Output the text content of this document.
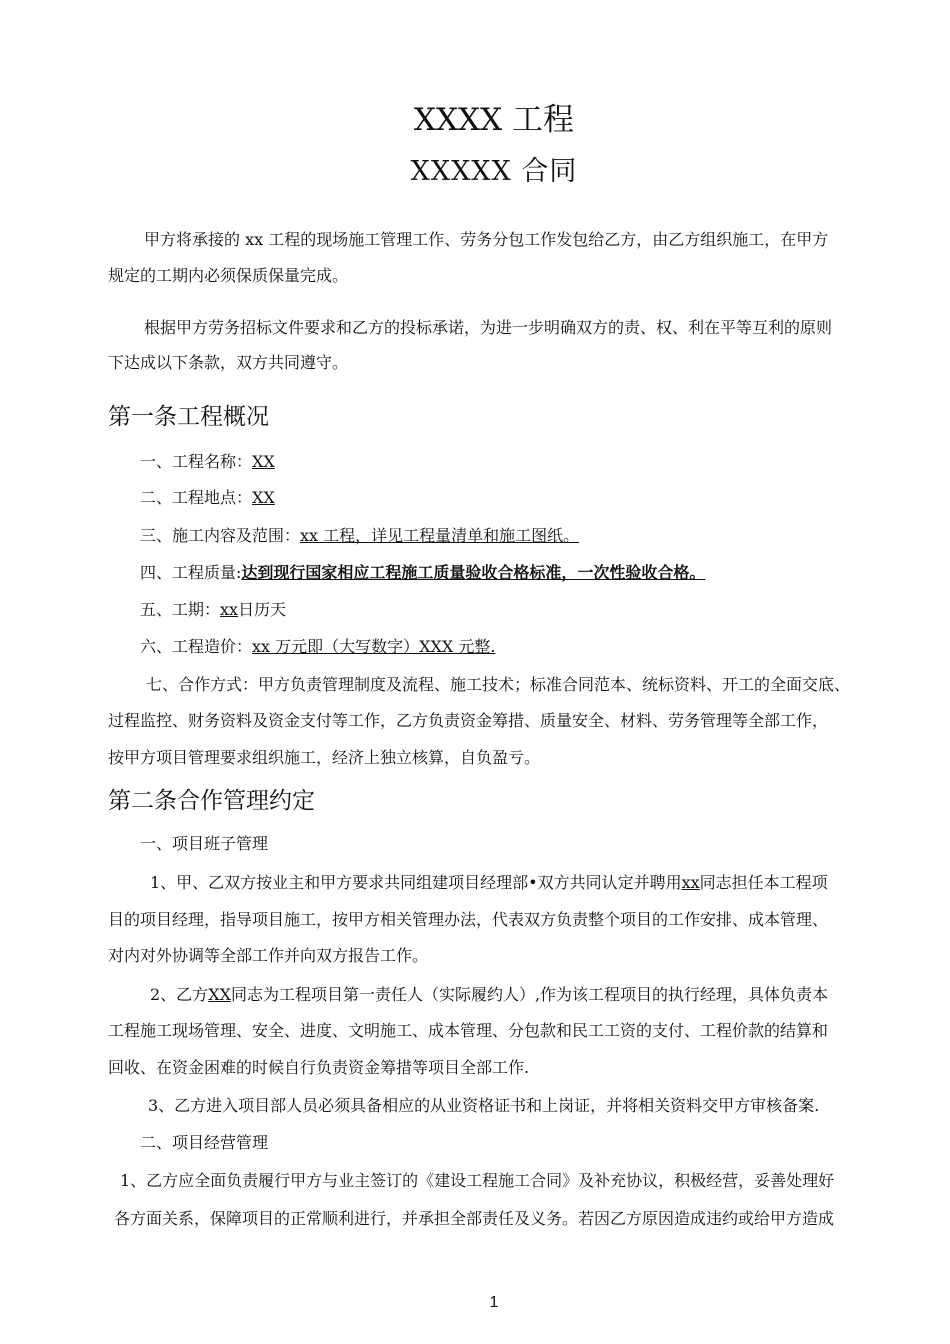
XXXX 工程
XXXXX 合同
甲方将承接的 xx 工程的现场施工管理工作、劳务分包工作发包给乙方，由乙方组织施工，在甲方
规定的工期内必须保质保量完成。
根据甲方劳务招标文件要求和乙方的投标承诺，为进一步明确双方的责、权、利在平等互利的原则
下达成以下条款，双方共同遵守。
第一条工程概况
一、工程名称：XX
二、工程地点：XX
三、施工内容及范围：xx 工程，详见工程量清单和施工图纸。
四、工程质量:达到现行国家相应工程施工质量验收合格标准，一次性验收合格。
五、工期：xx日历天
六、工程造价：xx 万元即（大写数字）XXX 元整.
七、合作方式：甲方负责管理制度及流程、施工技术；标准合同范本、统标资料、开工的全面交底、
过程监控、财务资料及资金支付等工作，乙方负责资金筹措、质量安全、材料、劳务管理等全部工作，
按甲方项目管理要求组织施工，经济上独立核算，自负盈亏。
第二条合作管理约定
一、项目班子管理
1、甲、乙双方按业主和甲方要求共同组建项目经理部•双方共同认定并聘用xx同志担任本工程项
目的项目经理，指导项目施工，按甲方相关管理办法，代表双方负责整个项目的工作安排、成本管理、
对内对外协调等全部工作并向双方报告工作。
2、乙方XX同志为工程项目第一责任人（实际履约人）,作为该工程项目的执行经理，具体负责本
工程施工现场管理、安全、进度、文明施工、成本管理、分包款和民工工资的支付、工程价款的结算和
回收、在资金困难的时候自行负责资金筹措等项目全部工作.
3、乙方进入项目部人员必须具备相应的从业资格证书和上岗证，并将相关资料交甲方审核备案.
二、项目经营管理
1、乙方应全面负责履行甲方与业主签订的《建设工程施工合同》及补充协议，积极经营，妥善处理好
各方面关系，保障项目的正常顺利进行，并承担全部责任及义务。若因乙方原因造成违约或给甲方造成
1
